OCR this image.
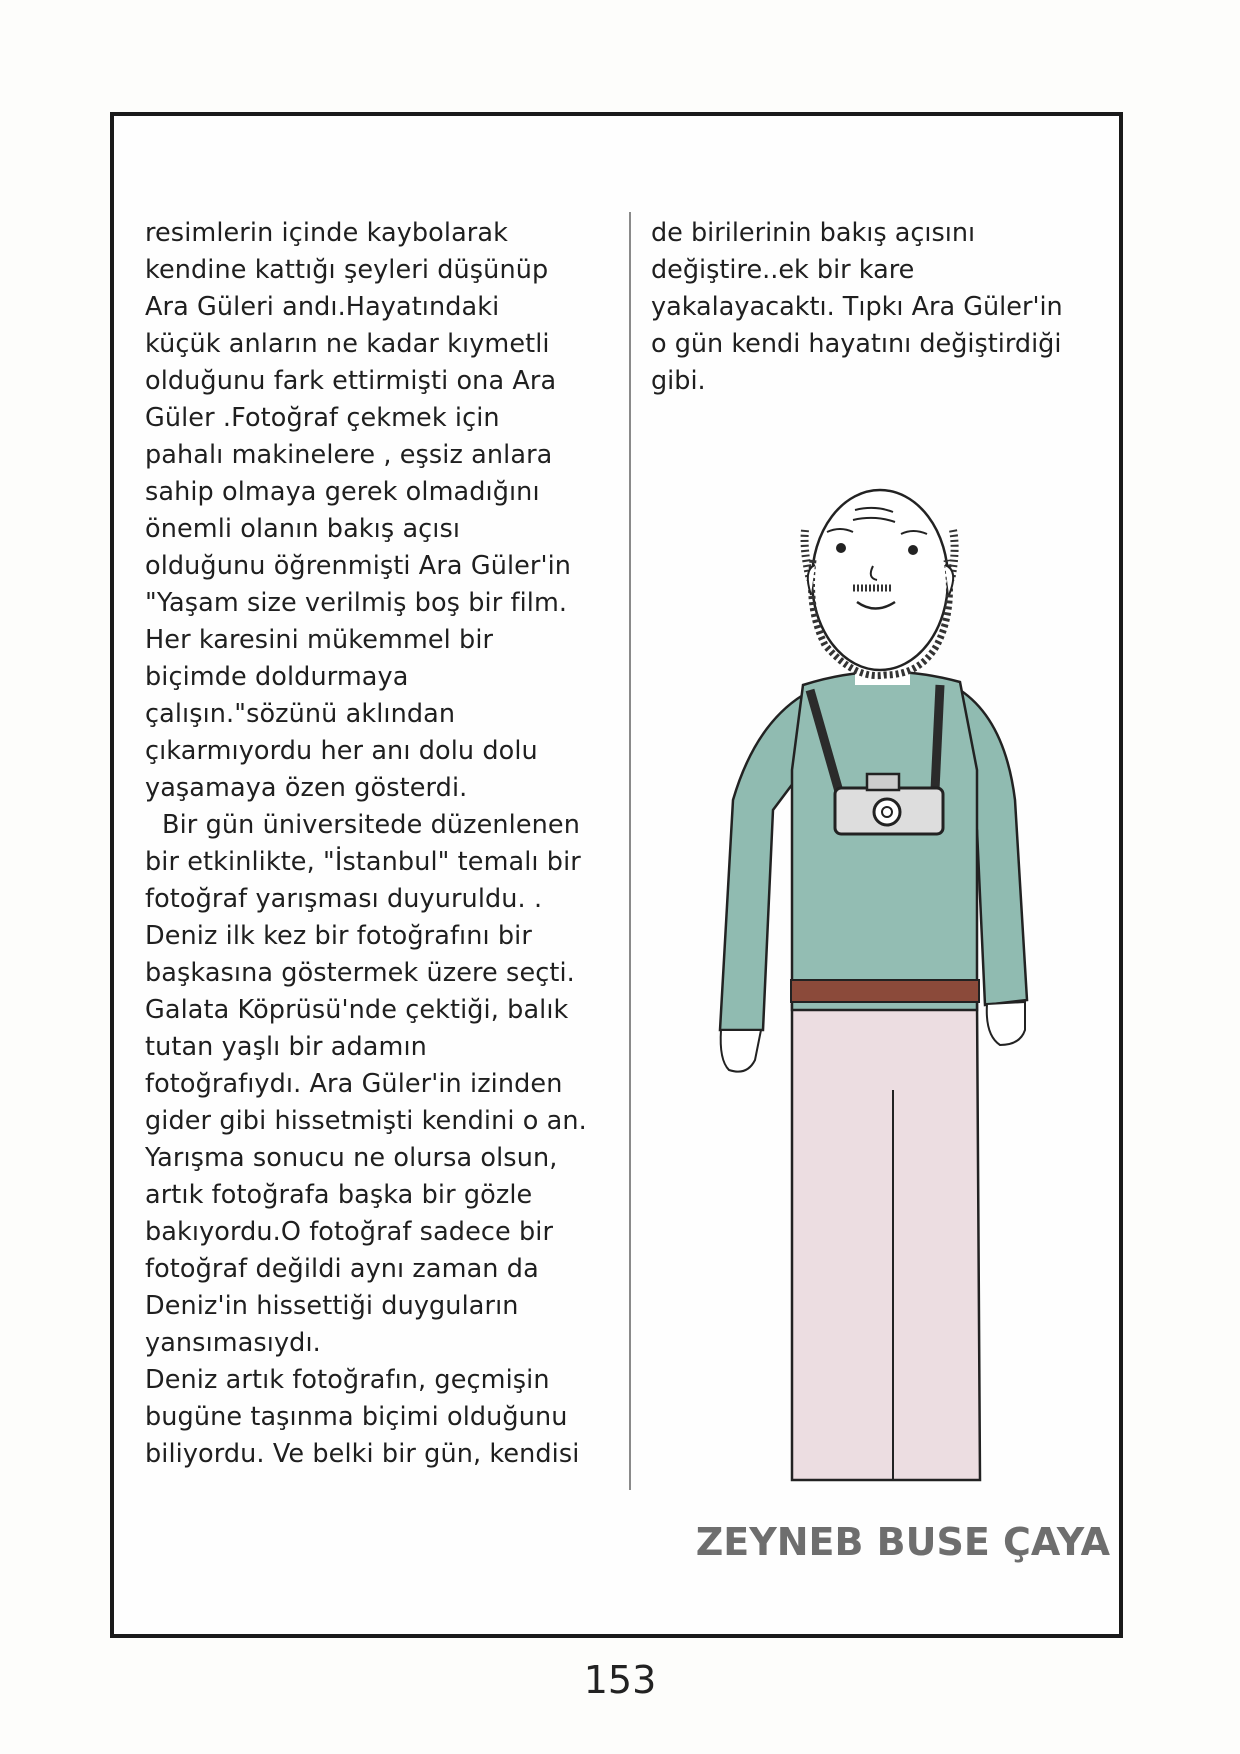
resimlerin içinde kaybolarak
kendine kattığı şeyleri düşünüp
Ara Güleri andı.Hayatındaki
küçük anların ne kadar kıymetli
olduğunu fark ettirmişti ona Ara
Güler .Fotoğraf çekmek için
pahalı makinelere , eşsiz anlara
sahip olmaya gerek olmadığını
önemli olanın bakış açısı
olduğunu öğrenmişti Ara Güler'in
"Yaşam size verilmiş boş bir film.
Her karesini mükemmel bir
biçimde doldurmaya
çalışın."sözünü aklından
çıkarmıyordu her anı dolu dolu
yaşamaya özen gösterdi.

Bir gün üniversitede düzenlenen
bir etkinlikte, "İstanbul" temalı bir
fotoğraf yarışması duyuruldu. .
Deniz ilk kez bir fotoğrafını bir
başkasına göstermek üzere seçti.
Galata Köprüsü'nde çektiği, balık
tutan yaşlı bir adamın
fotoğrafıydı. Ara Güler'in izinden
gider gibi hissetmişti kendini o an.
Yarışma sonucu ne olursa olsun,
artık fotoğrafa başka bir gözle
bakıyordu.O fotoğraf sadece bir
fotoğraf değildi aynı zaman da
Deniz'in hissettiği duyguların
yansımasıydı.

Deniz artık fotoğrafın, geçmişin
bugüne taşınma biçimi olduğunu
biliyordu. Ve belki bir gün, kendisi

de birilerinin bakış açısını
değiştire..ek bir kare
yakalayacaktı. Tıpkı Ara Güler'in
o gün kendi hayatını değiştirdiği
gibi.

ZEYNEB BUSE ÇAYA
153
